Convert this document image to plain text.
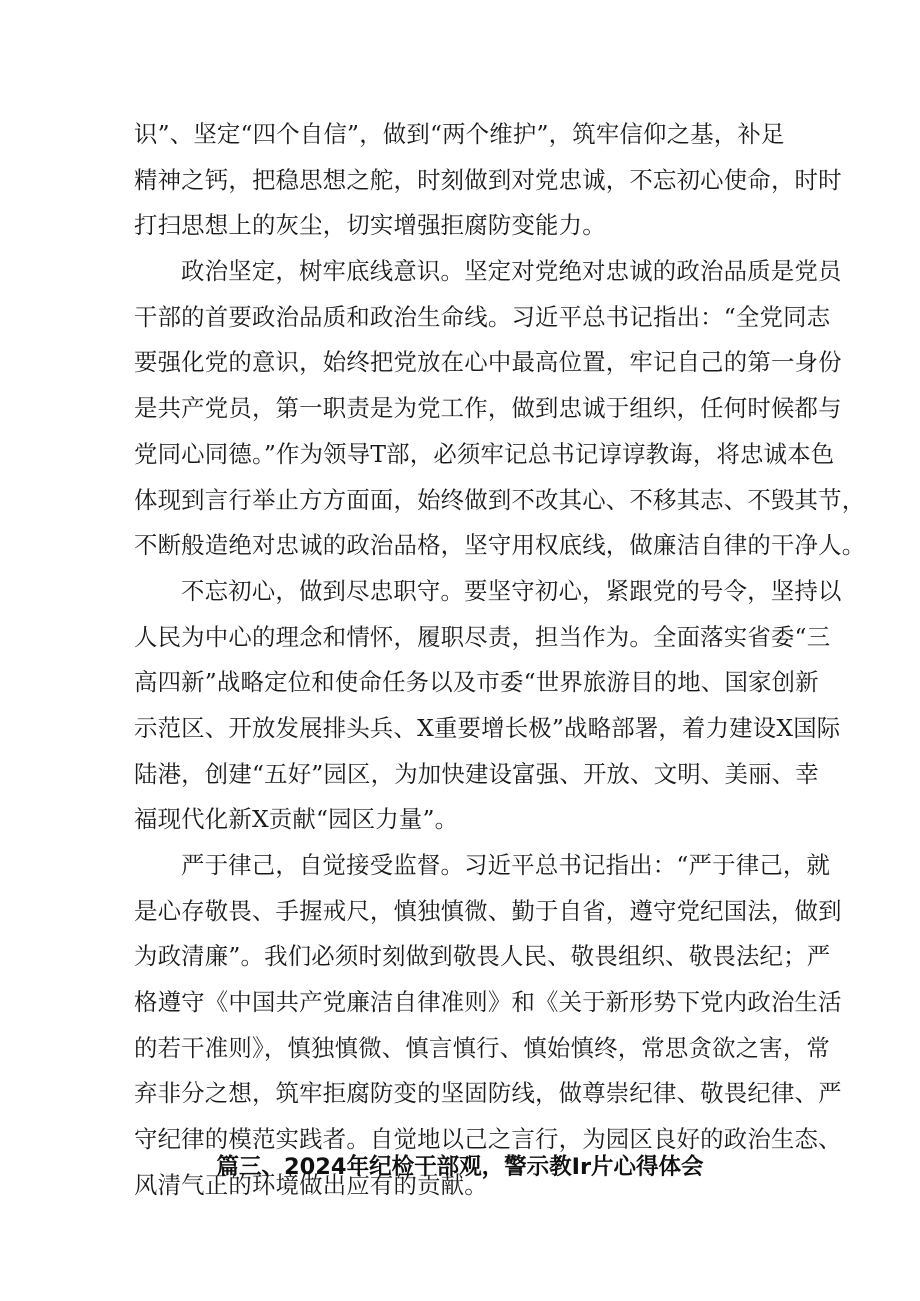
识”、坚定“四个自信”，做到“两个维护”，筑牢信仰之基，补足
精神之钙，把稳思想之舵，时刻做到对党忠诚，不忘初心使命，时时
打扫思想上的灰尘，切实增强拒腐防变能力。
政治坚定，树牢底线意识。坚定对党绝对忠诚的政治品质是党员
干部的首要政治品质和政治生命线。习近平总书记指出：“全党同志
要强化党的意识，始终把党放在心中最高位置，牢记自己的第一身份
是共产党员，第一职责是为党工作，做到忠诚于组织，任何时候都与
党同心同德。”作为领导T部，必须牢记总书记谆谆教诲，将忠诚本色
体现到言行举止方方面面，始终做到不改其心、不移其志、不毁其节，
不断般造绝对忠诚的政治品格，坚守用权底线，做廉洁自律的干净人。
不忘初心，做到尽忠职守。要坚守初心，紧跟党的号令，坚持以
人民为中心的理念和情怀，履职尽责，担当作为。全面落实省委“三
高四新”战略定位和使命任务以及市委“世界旅游目的地、国家创新
示范区、开放发展排头兵、X重要增长极”战略部署，着力建设X国际
陆港，创建“五好”园区，为加快建设富强、开放、文明、美丽、幸
福现代化新X贡献“园区力量”。
严于律己，自觉接受监督。习近平总书记指出：“严于律己，就
是心存敬畏、手握戒尺，慎独慎微、勤于自省，遵守党纪国法，做到
为政清廉”。我们必须时刻做到敬畏人民、敬畏组织、敬畏法纪；严
格遵守《中国共产党廉洁自律准则》和《关于新形势下党内政治生活
的若干准则》，慎独慎微、慎言慎行、慎始慎终，常思贪欲之害，常
弃非分之想，筑牢拒腐防变的坚固防线，做尊崇纪律、敬畏纪律、严
守纪律的模范实践者。自觉地以己之言行，为园区良好的政治生态、
风清气正的环境做出应有的贡献。
篇三、2024年纪检干部观，警示教Ir片心得体会
